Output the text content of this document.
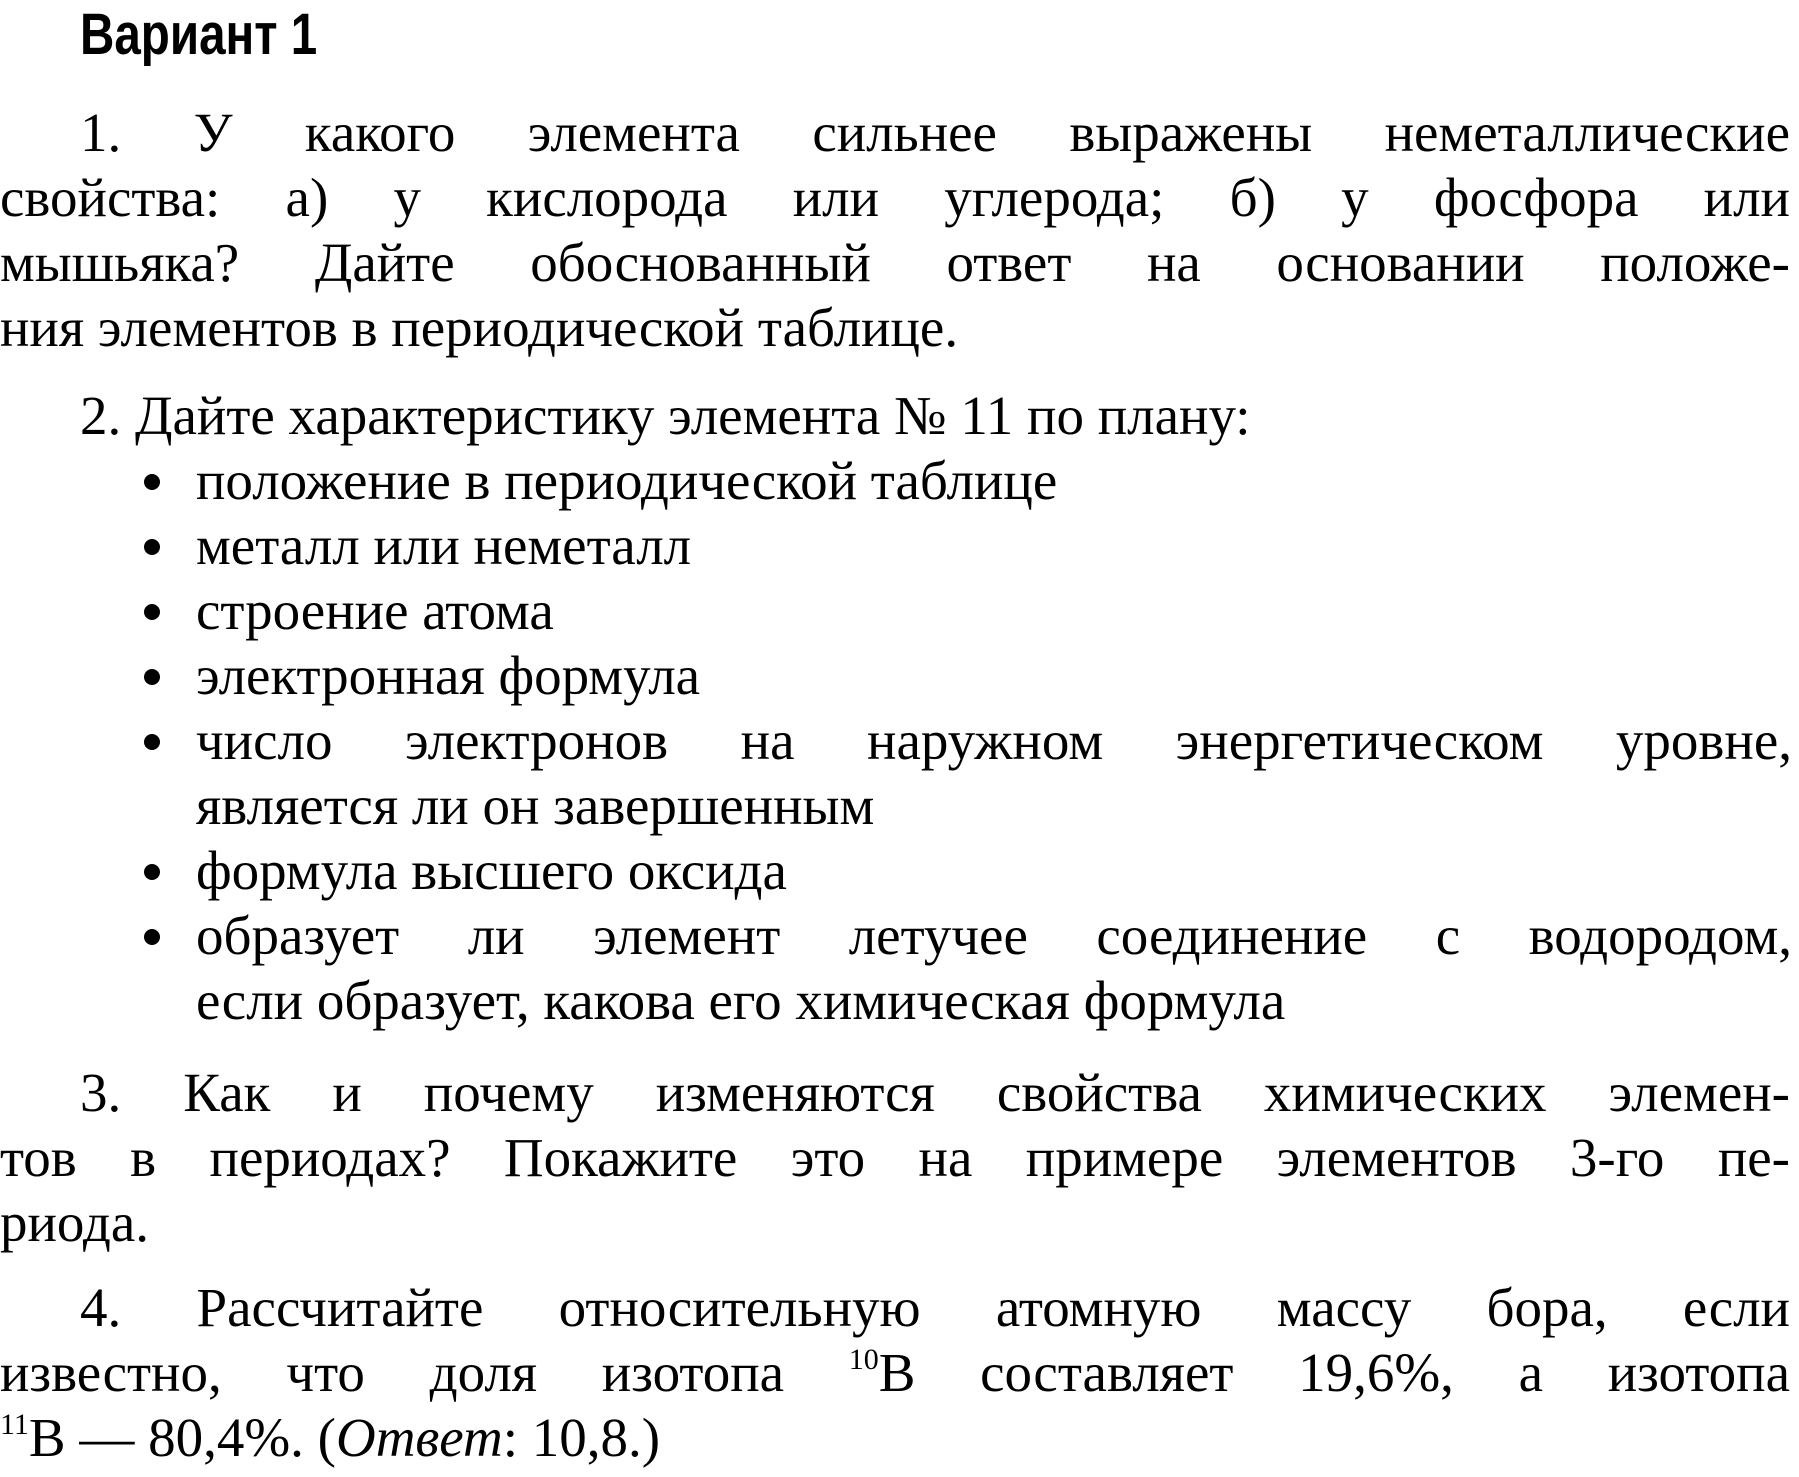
Вариант 1
1. У какого элемента сильнее выражены неметаллические
свойства: а) у кислорода или углерода; б) у фосфора или
мышьяка? Дайте обоснованный ответ на основании положе-
ния элементов в периодической таблице.
2. Дайте характеристику элемента № 11 по плану:
положение в периодической таблице
металл или неметалл
строение атома
электронная формула
число электронов на наружном энергетическом уровне,
является ли он завершенным
формула высшего оксида
образует ли элемент летучее соединение с водородом,
если образует, какова его химическая формула
3. Как и почему изменяются свойства химических элемен-
тов в периодах? Покажите это на примере элементов 3-го пе-
риода.
4. Рассчитайте относительную атомную массу бора, если
известно, что доля изотопа $^{10}$В составляет 19,6%, а изотопа
$^{11}$В — 80,4%. (Ответ: 10,8.)
